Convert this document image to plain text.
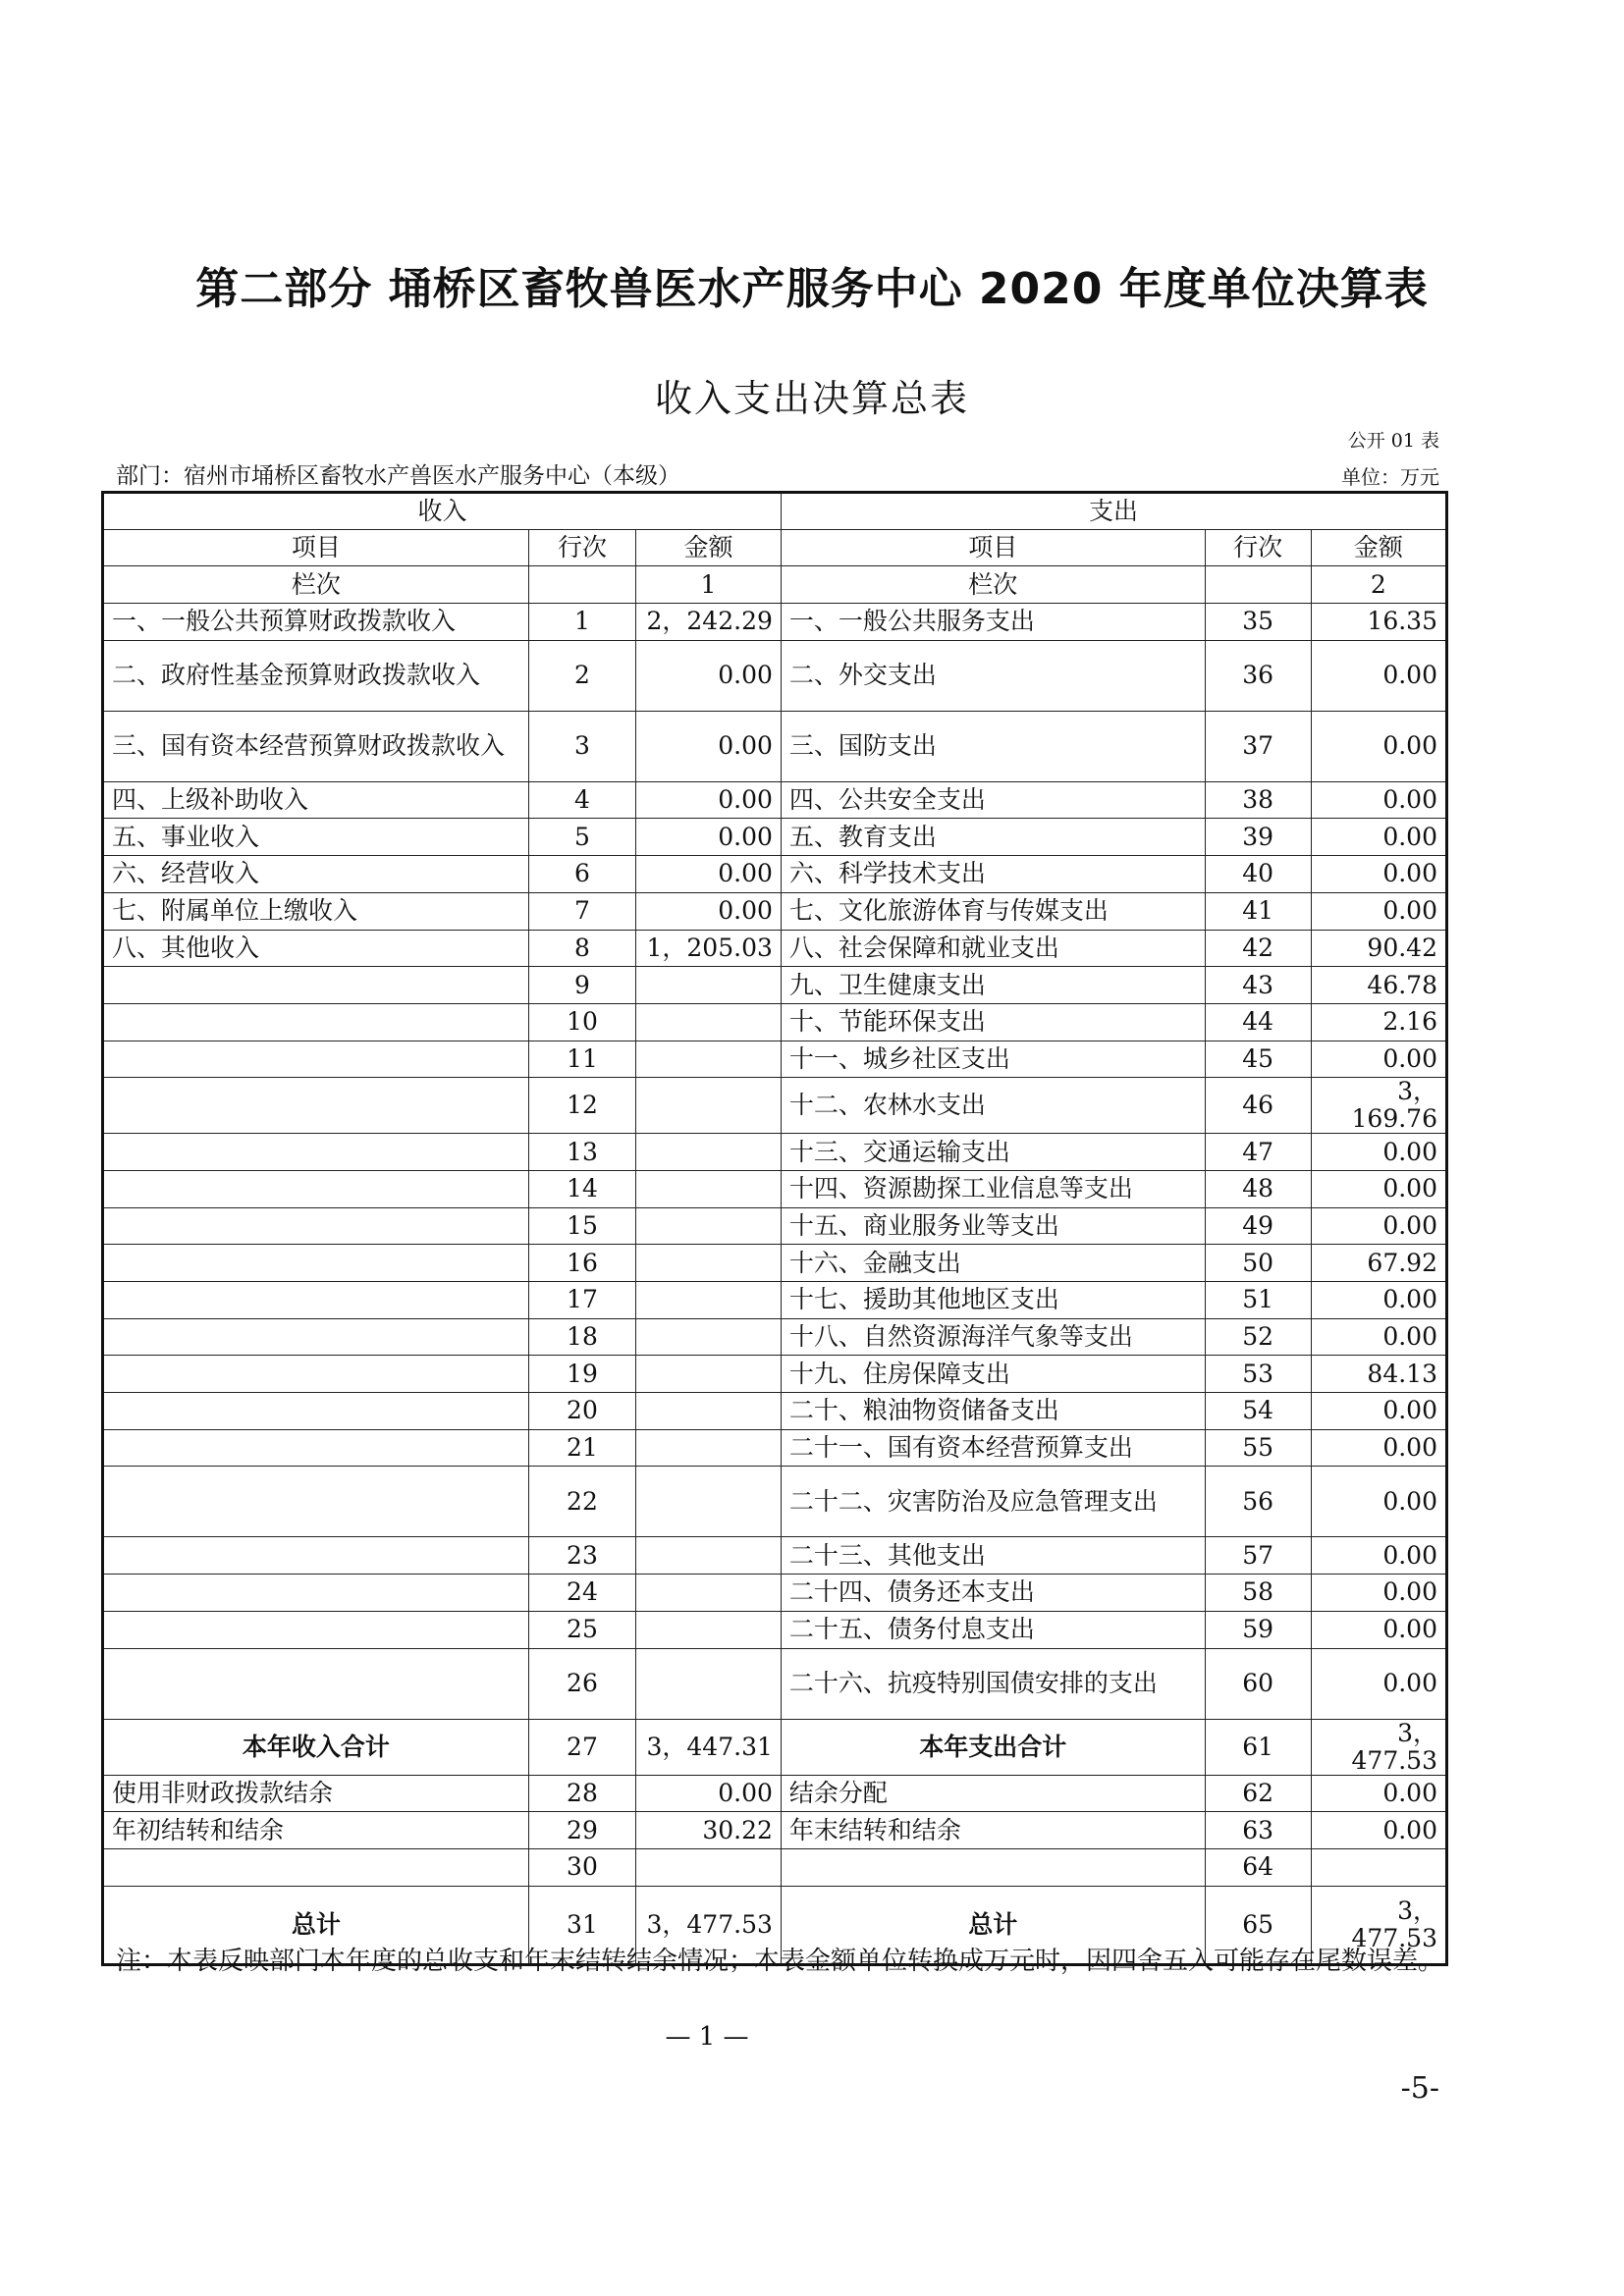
第二部分 埇桥区畜牧兽医水产服务中心 2020 年度单位决算表
收入支出决算总表
公开 01 表
部门：宿州市埇桥区畜牧水产兽医水产服务中心（本级）	单位：万元
收入			支出		
项目	行次	金额	项目	行次	金额
栏次		1	栏次		2
一、一般公共预算财政拨款收入	1	2，242.29	一、一般公共服务支出	35	16.35
二、政府性基金预算财政拨款收入	2	0.00	二、外交支出	36	0.00
三、国有资本经营预算财政拨款收入	3	0.00	三、国防支出	37	0.00
四、上级补助收入	4	0.00	四、公共安全支出	38	0.00
五、事业收入	5	0.00	五、教育支出	39	0.00
六、经营收入	6	0.00	六、科学技术支出	40	0.00
七、附属单位上缴收入	7	0.00	七、文化旅游体育与传媒支出	41	0.00
八、其他收入	8	1，205.03	八、社会保障和就业支出	42	90.42
	9		九、卫生健康支出	43	46.78
	10		十、节能环保支出	44	2.16
	11		十一、城乡社区支出	45	0.00
	12		十二、农林水支出	46	3，169.76
	13		十三、交通运输支出	47	0.00
	14		十四、资源勘探工业信息等支出	48	0.00
	15		十五、商业服务业等支出	49	0.00
	16		十六、金融支出	50	67.92
	17		十七、援助其他地区支出	51	0.00
	18		十八、自然资源海洋气象等支出	52	0.00
	19		十九、住房保障支出	53	84.13
	20		二十、粮油物资储备支出	54	0.00
	21		二十一、国有资本经营预算支出	55	0.00
	22		二十二、灾害防治及应急管理支出	56	0.00
	23		二十三、其他支出	57	0.00
	24		二十四、债务还本支出	58	0.00
	25		二十五、债务付息支出	59	0.00
	26		二十六、抗疫特别国债安排的支出	60	0.00
本年收入合计	27	3，447.31	本年支出合计	61	3，477.53
使用非财政拨款结余	28	0.00	结余分配	62	0.00
年初结转和结余	29	30.22	年末结转和结余	63	0.00
	30			64	
总计	31	3，477.53	总计	65	3，477.53
注：本表反映部门本年度的总收支和年末结转结余情况；本表金额单位转换成万元时，因四舍五入可能存在尾数误差。
— 1 —
-5-
